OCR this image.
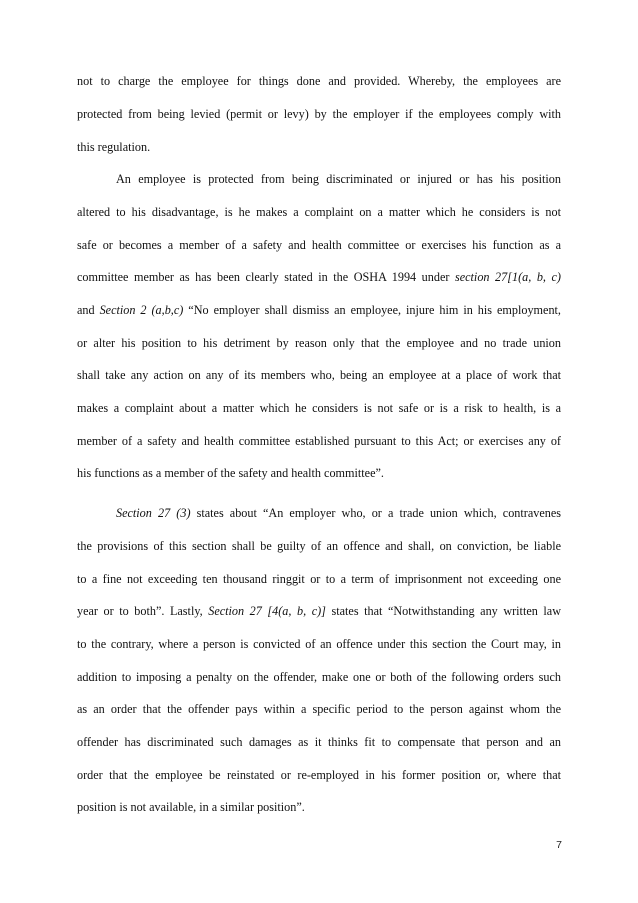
not to charge the employee for things done and provided. Whereby, the employees are
protected from being levied (permit or levy) by the employer if the employees comply with
this regulation.
An employee is protected from being discriminated or injured or has his position
altered to his disadvantage, is he makes a complaint on a matter which he considers is not
safe or becomes a member of a safety and health committee or exercises his function as a
committee member as has been clearly stated in the OSHA 1994 under section 27[1(a, b, c)
and Section 2 (a,b,c) “No employer shall dismiss an employee, injure him in his employment,
or alter his position to his detriment by reason only that the employee and no trade union
shall take any action on any of its members who, being an employee at a place of work that
makes a complaint about a matter which he considers is not safe or is a risk to health, is a
member of a safety and health committee established pursuant to this Act; or exercises any of
his functions as a member of the safety and health committee”.
Section 27 (3) states about “An employer who, or a trade union which, contravenes
the provisions of this section shall be guilty of an offence and shall, on conviction, be liable
to a fine not exceeding ten thousand ringgit or to a term of imprisonment not exceeding one
year or to both”. Lastly, Section 27 [4(a, b, c)] states that “Notwithstanding any written law
to the contrary, where a person is convicted of an offence under this section the Court may, in
addition to imposing a penalty on the offender, make one or both of the following orders such
as an order that the offender pays within a specific period to the person against whom the
offender has discriminated such damages as it thinks fit to compensate that person and an
order that the employee be reinstated or re-employed in his former position or, where that
position is not available, in a similar position”.
7
